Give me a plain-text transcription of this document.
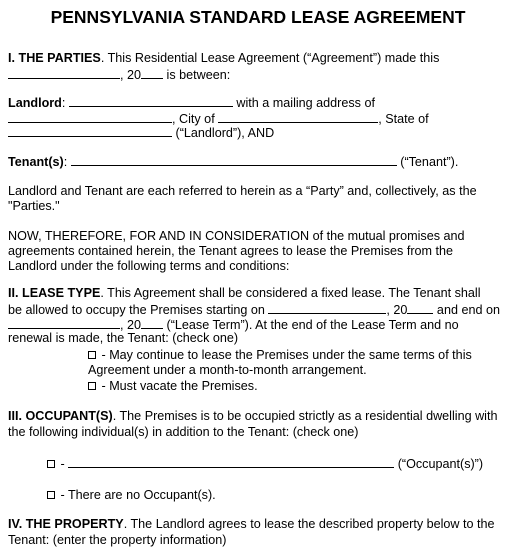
PENNSYLVANIA STANDARD LEASE AGREEMENT
I. THE PARTIES. This Residential Lease Agreement (“Agreement”) made this
, 20 is between:
Landlord:	with a mailing address of
, City of	, State of
(“Landlord”), AND
Tenant(s):	(“Tenant”).
Landlord and Tenant are each referred to herein as a “Party” and, collectively, as the
"Parties."
NOW, THEREFORE, FOR AND IN CONSIDERATION of the mutual promises and
agreements contained herein, the Tenant agrees to lease the Premises from the
Landlord under the following terms and conditions:
II. LEASE TYPE. This Agreement shall be considered a fixed lease. The Tenant shall
be allowed to occupy the Premises starting on	, 20 and end on
, 20 (“Lease Term”). At the end of the Lease Term and no
renewal is made, the Tenant: (check one)
- May continue to lease the Premises under the same terms of this
Agreement under a month-to-month arrangement.
- Must vacate the Premises.
III. OCCUPANT(S). The Premises is to be occupied strictly as a residential dwelling with
the following individual(s) in addition to the Tenant: (check one)
-	(“Occupant(s)”)
- There are no Occupant(s).
IV. THE PROPERTY. The Landlord agrees to lease the described property below to the
Tenant: (enter the property information)
